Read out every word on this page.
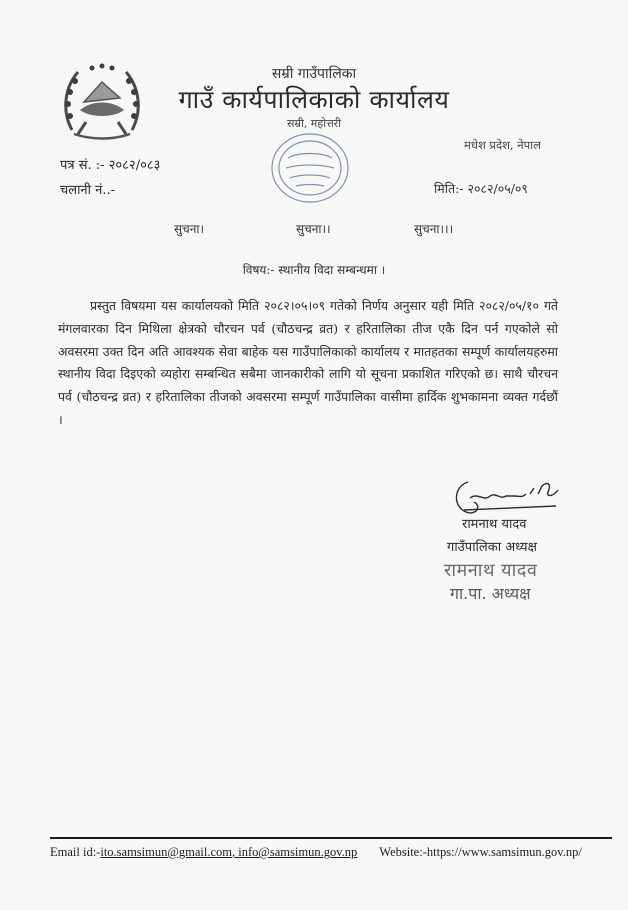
सम्री गाउँपालिका
गाउँ कार्यपालिकाको कार्यालय
सम्री, महोत्तरी
मधेश प्रदेश, नेपाल
पत्र सं. :- २०८२/०८३
चलानी नं..-	मिति:- २०८२/०५/०९
सुचना।	सुचना।।	सुचना।।।
विषय:- स्थानीय विदा सम्बन्धमा ।
प्रस्तुत विषयमा यस कार्यालयको मिति २०८२।०५।०९ गतेको निर्णय अनुसार यही मिति २०८२/०५/१० गते मंगलवारका दिन मिथिला क्षेत्रको चौरचन पर्व (चौठचन्द्र व्रत) र हरितालिका तीज एकै दिन पर्न गएकोले सो अवसरमा उक्त दिन अति आवश्यक सेवा बाहेक यस गाउँपालिकाको कार्यालय र मातहतका सम्पूर्ण कार्यालयहरुमा स्थानीय विदा दिइएको व्यहोरा सम्बन्धित सबैमा जानकारीको लागि यो सूचना प्रकाशित गरिएको छ। साथै चौरचन पर्व (चौठचन्द्र व्रत) र हरितालिका तीजको अवसरमा सम्पूर्ण गाउँपालिका वासीमा हार्दिक शुभकामना व्यक्त गर्दछौं ।
रामनाथ यादव
गाउँपालिका अध्यक्ष
रामनाथ यादव
गा.पा. अध्यक्ष
Email id:-ito.samsimun@gmail.com, info@samsimun.gov.np Website:-https://www.samsimun.gov.np/
